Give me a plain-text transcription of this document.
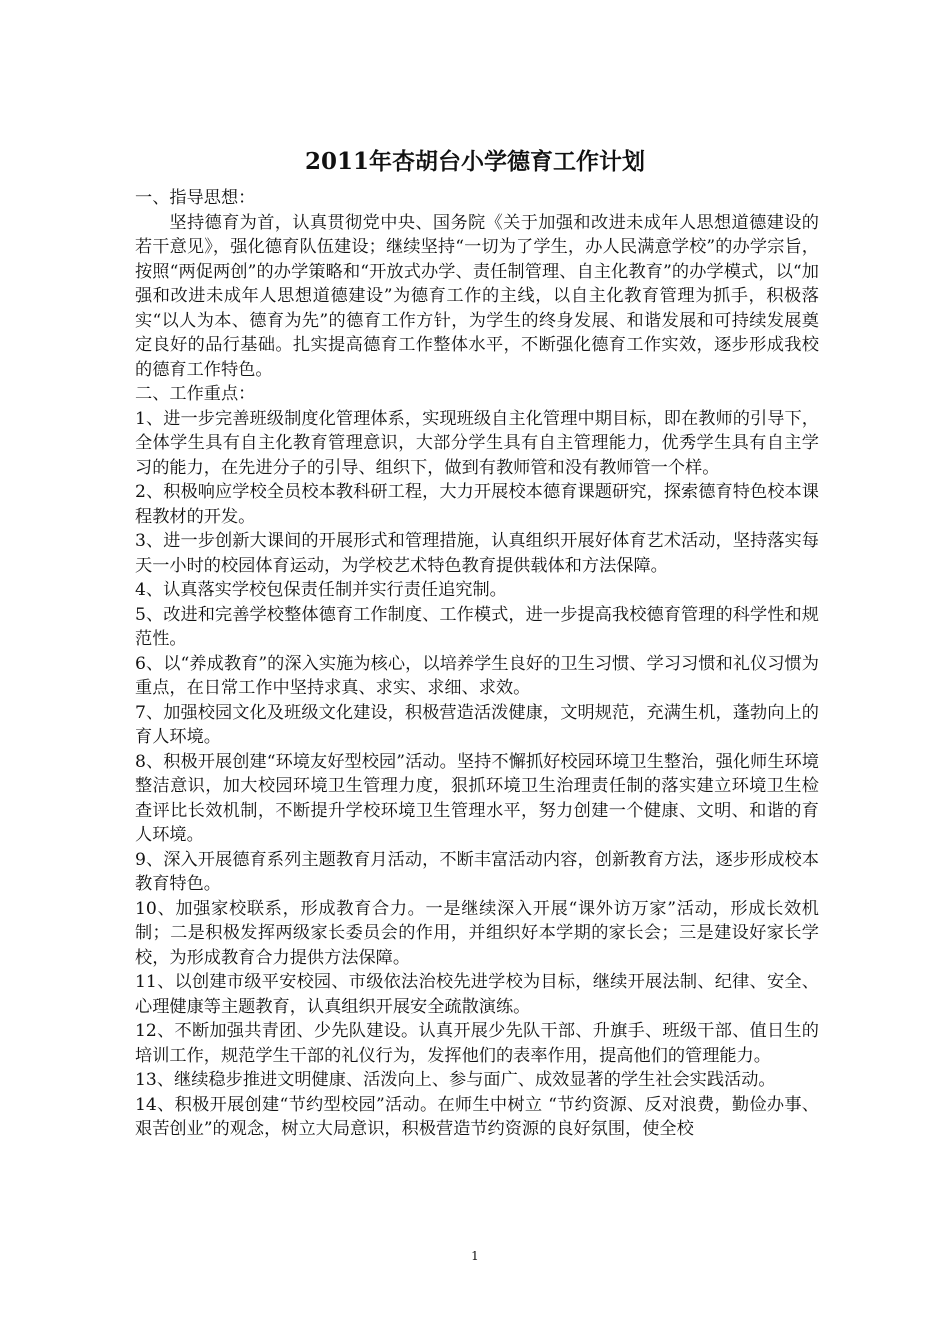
2011年杏胡台小学德育工作计划

一、指导思想：

坚持德育为首，认真贯彻党中央、国务院《关于加强和改进未成年人思想道德建设的若干意见》，强化德育队伍建设；继续坚持“一切为了学生，办人民满意学校”的办学宗旨，按照“两促两创”的办学策略和“开放式办学、责任制管理、自主化教育”的办学模式，以“加强和改进未成年人思想道德建设”为德育工作的主线，以自主化教育管理为抓手，积极落实“以人为本、德育为先”的德育工作方针，为学生的终身发展、和谐发展和可持续发展奠定良好的品行基础。扎实提高德育工作整体水平，不断强化德育工作实效，逐步形成我校的德育工作特色。

二、工作重点：

1、进一步完善班级制度化管理体系，实现班级自主化管理中期目标，即在教师的引导下，全体学生具有自主化教育管理意识，大部分学生具有自主管理能力，优秀学生具有自主学习的能力，在先进分子的引导、组织下，做到有教师管和没有教师管一个样。

2、积极响应学校全员校本教科研工程，大力开展校本德育课题研究，探索德育特色校本课程教材的开发。

3、进一步创新大课间的开展形式和管理措施，认真组织开展好体育艺术活动，坚持落实每天一小时的校园体育运动，为学校艺术特色教育提供载体和方法保障。

4、认真落实学校包保责任制并实行责任追究制。

5、改进和完善学校整体德育工作制度、工作模式，进一步提高我校德育管理的科学性和规范性。

6、以“养成教育”的深入实施为核心，以培养学生良好的卫生习惯、学习习惯和礼仪习惯为重点，在日常工作中坚持求真、求实、求细、求效。

7、加强校园文化及班级文化建设，积极营造活泼健康，文明规范，充满生机，蓬勃向上的育人环境。

8、积极开展创建“环境友好型校园”活动。坚持不懈抓好校园环境卫生整治，强化师生环境整洁意识，加大校园环境卫生管理力度，狠抓环境卫生治理责任制的落实建立环境卫生检查评比长效机制，不断提升学校环境卫生管理水平，努力创建一个健康、文明、和谐的育人环境。

9、深入开展德育系列主题教育月活动，不断丰富活动内容，创新教育方法，逐步形成校本教育特色。

10、加强家校联系，形成教育合力。一是继续深入开展“课外访万家”活动，形成长效机制；二是积极发挥两级家长委员会的作用，并组织好本学期的家长会；三是建设好家长学校，为形成教育合力提供方法保障。

11、以创建市级平安校园、市级依法治校先进学校为目标，继续开展法制、纪律、安全、心理健康等主题教育，认真组织开展安全疏散演练。

12、不断加强共青团、少先队建设。认真开展少先队干部、升旗手、班级干部、值日生的培训工作，规范学生干部的礼仪行为，发挥他们的表率作用，提高他们的管理能力。

13、继续稳步推进文明健康、活泼向上、参与面广、成效显著的学生社会实践活动。

14、积极开展创建“节约型校园”活动。在师生中树立 “节约资源、反对浪费，勤俭办事、艰苦创业”的观念，树立大局意识，积极营造节约资源的良好氛围，使全校

1
